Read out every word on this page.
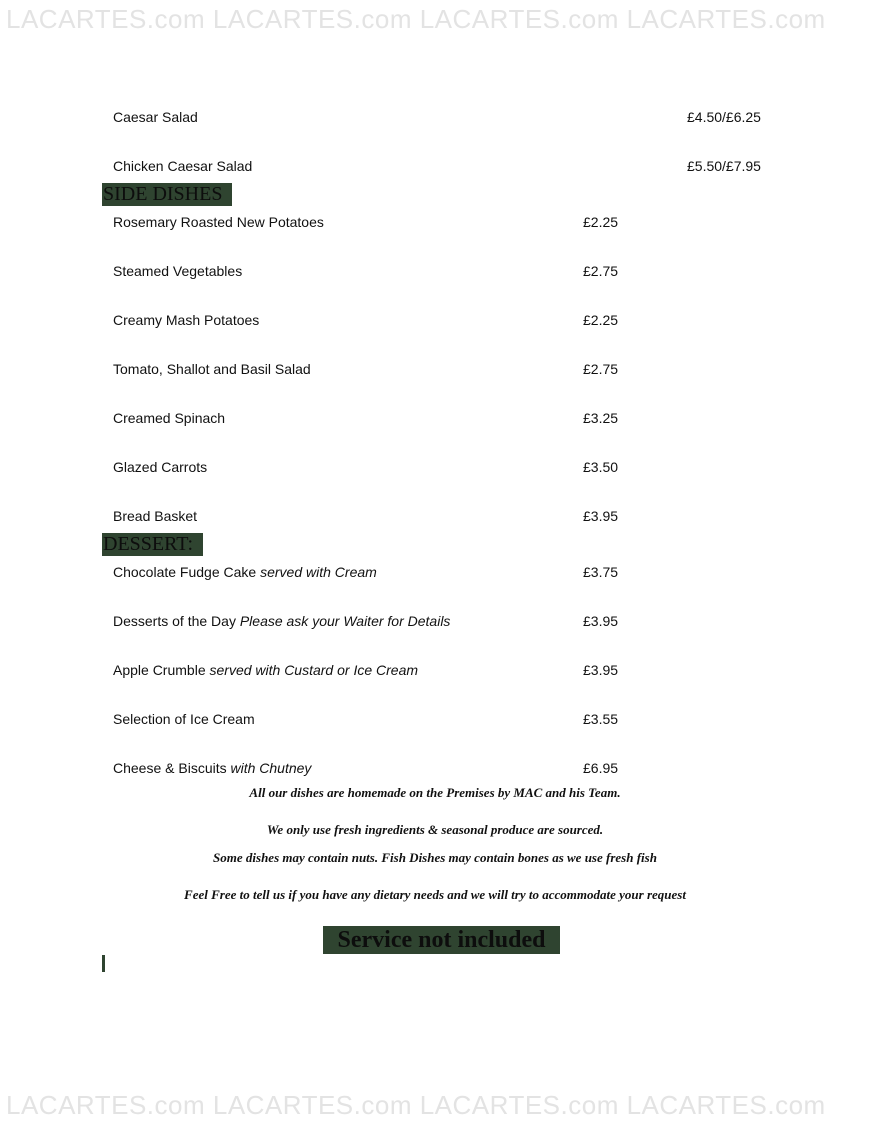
LACARTES.com LACARTES.com LACARTES.com LACARTES.com
Caesar Salad	£4.50/£6.25
Chicken Caesar Salad	£5.50/£7.95
SIDE DISHES
Rosemary Roasted New Potatoes	£2.25
Steamed Vegetables	£2.75
Creamy Mash Potatoes	£2.25
Tomato, Shallot and Basil Salad	£2.75
Creamed Spinach	£3.25
Glazed Carrots	£3.50
Bread Basket	£3.95
DESSERT:
Chocolate Fudge Cake served with Cream	£3.75
Desserts of the Day Please ask your Waiter for Details	£3.95
Apple Crumble served with Custard or Ice Cream	£3.95
Selection of Ice Cream	£3.55
Cheese & Biscuits with Chutney	£6.95
All our dishes are homemade on the Premises by MAC and his Team.
We only use fresh ingredients & seasonal produce are sourced.
Some dishes may contain nuts. Fish Dishes may contain bones as we use fresh fish
Feel Free to tell us if you have any dietary needs and we will try to accommodate your request
Service not included
LACARTES.com LACARTES.com LACARTES.com LACARTES.com
